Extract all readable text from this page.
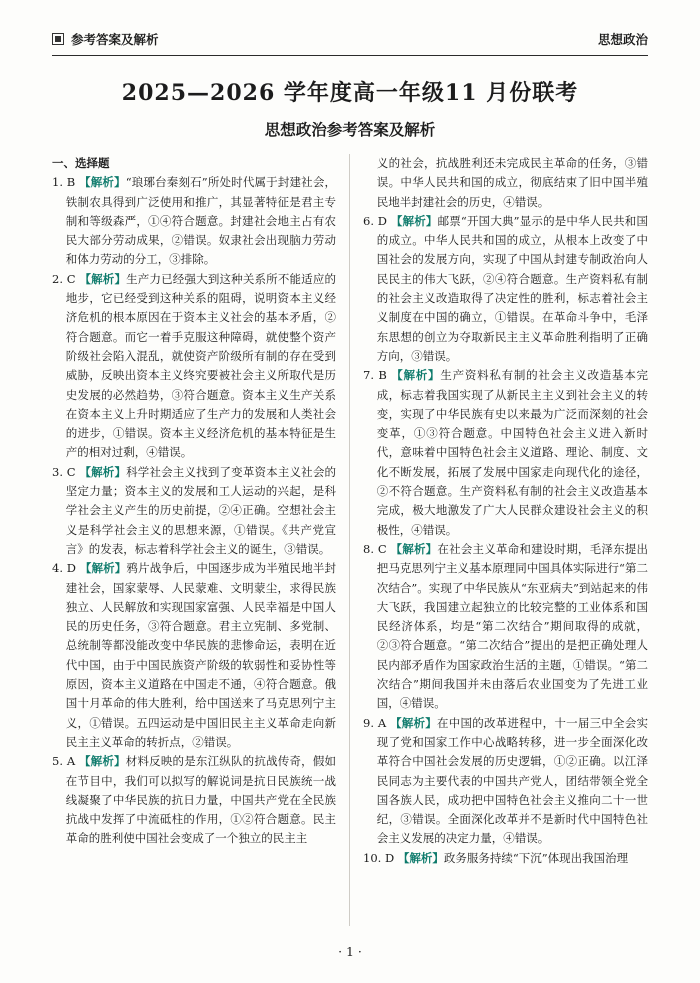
参考答案及解析	思想政治
2025—2026 学年度高一年级11 月份联考
思想政治参考答案及解析

一、选择题

1. B 【解析】“琅琊台秦刻石”所处时代属于封建社会，铁制农具得到广泛使用和推广，其显著特征是君主专制和等级森严，①④符合题意。封建社会地主占有农民大部分劳动成果，②错误。奴隶社会出现脑力劳动和体力劳动的分工，③排除。

2. C 【解析】生产力已经强大到这种关系所不能适应的地步，它已经受到这种关系的阻碍，说明资本主义经济危机的根本原因在于资本主义社会的基本矛盾，②符合题意。而它一着手克服这种障碍，就使整个资产阶级社会陷入混乱，就使资产阶级所有制的存在受到威胁，反映出资本主义终究要被社会主义所取代是历史发展的必然趋势，③符合题意。资本主义生产关系在资本主义上升时期适应了生产力的发展和人类社会的进步，①错误。资本主义经济危机的基本特征是生产的相对过剩，④错误。

3. C 【解析】科学社会主义找到了变革资本主义社会的坚定力量；资本主义的发展和工人运动的兴起，是科学社会主义产生的历史前提，②④正确。空想社会主义是科学社会主义的思想来源，①错误。《共产党宣言》的发表，标志着科学社会主义的诞生，③错误。

4. D 【解析】鸦片战争后，中国逐步成为半殖民地半封建社会，国家蒙辱、人民蒙难、文明蒙尘，求得民族独立、人民解放和实现国家富强、人民幸福是中国人民的历史任务，③符合题意。君主立宪制、多党制、总统制等都没能改变中华民族的悲惨命运，表明在近代中国，由于中国民族资产阶级的软弱性和妥协性等原因，资本主义道路在中国走不通，④符合题意。俄国十月革命的伟大胜利，给中国送来了马克思列宁主义，①错误。五四运动是中国旧民主主义革命走向新民主主义革命的转折点，②错误。

5. A 【解析】材料反映的是东江纵队的抗战传奇，假如在节目中，我们可以拟写的解说词是抗日民族统一战线凝聚了中华民族的抗日力量，中国共产党在全民族抗战中发挥了中流砥柱的作用，①②符合题意。民主革命的胜利使中国社会变成了一个独立的民主主

义的社会，抗战胜利还未完成民主革命的任务，③错误。中华人民共和国的成立，彻底结束了旧中国半殖民地半封建社会的历史，④错误。

6. D 【解析】邮票“开国大典”显示的是中华人民共和国的成立。中华人民共和国的成立，从根本上改变了中国社会的发展方向，实现了中国从封建专制政治向人民民主的伟大飞跃，②④符合题意。生产资料私有制的社会主义改造取得了决定性的胜利，标志着社会主义制度在中国的确立，①错误。在革命斗争中，毛泽东思想的创立为夺取新民主主义革命胜利指明了正确方向，③错误。

7. B 【解析】生产资料私有制的社会主义改造基本完成，标志着我国实现了从新民主主义到社会主义的转变，实现了中华民族有史以来最为广泛而深刻的社会变革，①③符合题意。中国特色社会主义进入新时代，意味着中国特色社会主义道路、理论、制度、文化不断发展，拓展了发展中国家走向现代化的途径，②不符合题意。生产资料私有制的社会主义改造基本完成，极大地激发了广大人民群众建设社会主义的积极性，④错误。

8. C 【解析】在社会主义革命和建设时期，毛泽东提出把马克思列宁主义基本原理同中国具体实际进行“第二次结合”。实现了中华民族从“东亚病夫”到站起来的伟大飞跃，我国建立起独立的比较完整的工业体系和国民经济体系，均是“第二次结合”期间取得的成就，②③符合题意。“第二次结合”提出的是把正确处理人民内部矛盾作为国家政治生活的主题，①错误。“第二次结合”期间我国并未由落后农业国变为了先进工业国，④错误。

9. A 【解析】在中国的改革进程中，十一届三中全会实现了党和国家工作中心战略转移，进一步全面深化改革符合中国社会发展的历史逻辑，①②正确。以江泽民同志为主要代表的中国共产党人，团结带领全党全国各族人民，成功把中国特色社会主义推向二十一世纪，③错误。全面深化改革并不是新时代中国特色社会主义发展的决定力量，④错误。

10. D 【解析】政务服务持续“下沉”体现出我国治理

· 1 ·
